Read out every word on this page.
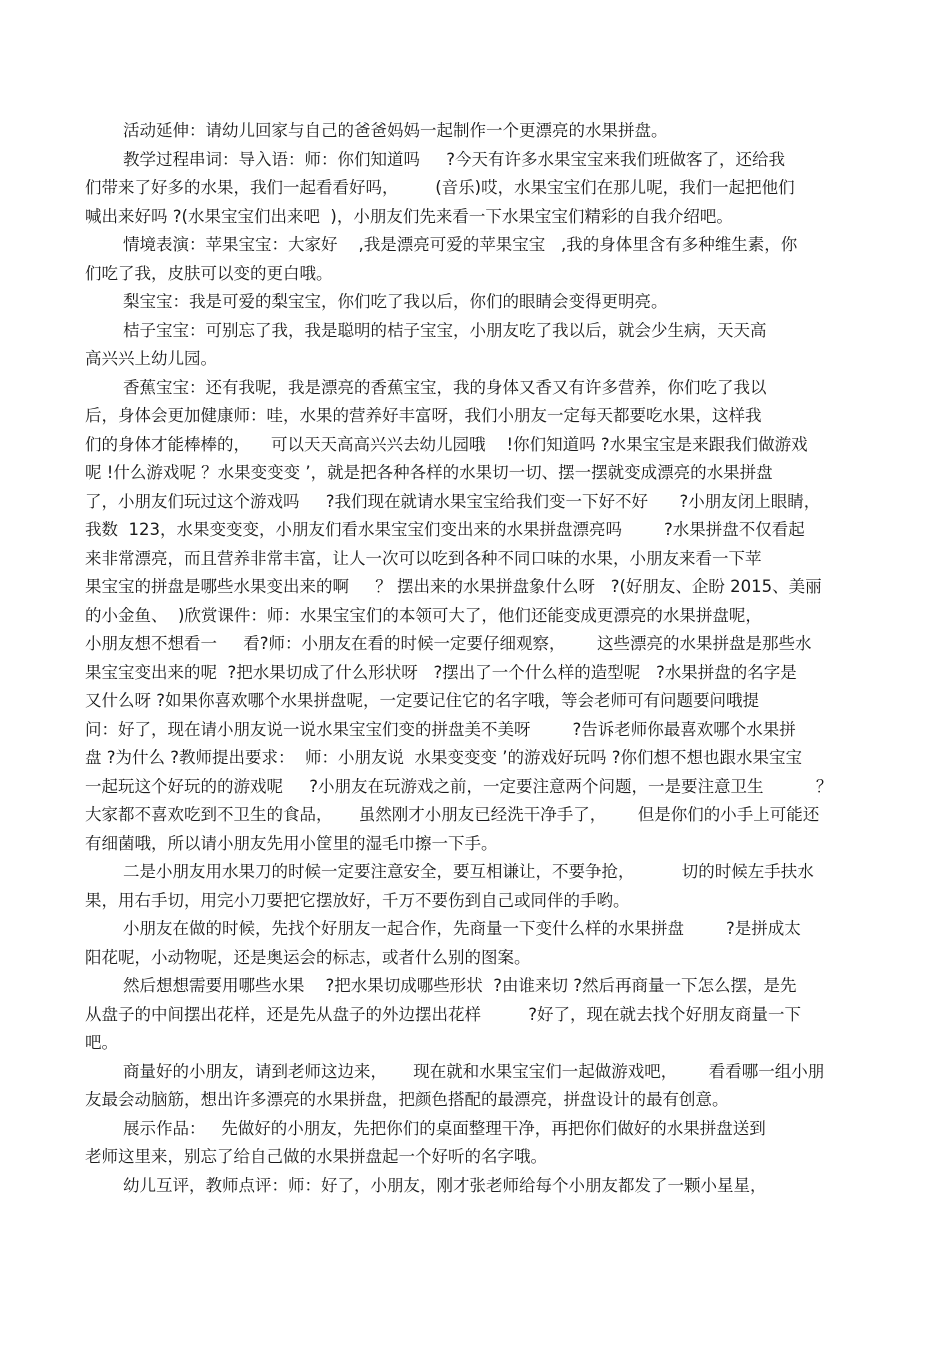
活动延伸：请幼儿回家与自己的爸爸妈妈一起制作一个更漂亮的水果拼盘。
教学过程串词：导入语：师：你们知道吗     ?今天有许多水果宝宝来我们班做客了，还给我
们带来了好多的水果，我们一起看看好吗，       (音乐)哎，水果宝宝们在那儿呢，我们一起把他们
喊出来好吗 ?(水果宝宝们出来吧  )，小朋友们先来看一下水果宝宝们精彩的自我介绍吧。
情境表演：苹果宝宝：大家好    ,我是漂亮可爱的苹果宝宝   ,我的身体里含有多种维生素，你
们吃了我，皮肤可以变的更白哦。
梨宝宝：我是可爱的梨宝宝，你们吃了我以后，你们的眼睛会变得更明亮。
桔子宝宝：可别忘了我，我是聪明的桔子宝宝，小朋友吃了我以后，就会少生病，天天高
高兴兴上幼儿园。
香蕉宝宝：还有我呢，我是漂亮的香蕉宝宝，我的身体又香又有许多营养，你们吃了我以
后，身体会更加健康师：哇，水果的营养好丰富呀，我们小朋友一定每天都要吃水果，这样我
们的身体才能棒棒的，    可以天天高高兴兴去幼儿园哦    !你们知道吗 ?水果宝宝是来跟我们做游戏
呢 !什么游戏呢 ？水果变变变 ’，就是把各种各样的水果切一切、摆一摆就变成漂亮的水果拼盘
了，小朋友们玩过这个游戏吗     ?我们现在就请水果宝宝给我们变一下好不好      ?小朋友闭上眼睛，
我数  123，水果变变变，小朋友们看水果宝宝们变出来的水果拼盘漂亮吗        ?水果拼盘不仅看起
来非常漂亮，而且营养非常丰富，让人一次可以吃到各种不同口味的水果，小朋友来看一下苹
果宝宝的拼盘是哪些水果变出来的啊     ？ 摆出来的水果拼盘象什么呀   ?(好朋友、企盼 2015、美丽
的小金鱼、  )欣赏课件：师：水果宝宝们的本领可大了，他们还能变成更漂亮的水果拼盘呢，
小朋友想不想看一     看?师：小朋友在看的时候一定要仔细观察，      这些漂亮的水果拼盘是那些水
果宝宝变出来的呢  ?把水果切成了什么形状呀   ?摆出了一个什么样的造型呢   ?水果拼盘的名字是
又什么呀 ?如果你喜欢哪个水果拼盘呢，一定要记住它的名字哦，等会老师可有问题要问哦提
问：好了，现在请小朋友说一说水果宝宝们变的拼盘美不美呀        ?告诉老师你最喜欢哪个水果拼
盘 ?为什么 ?教师提出要求：  师：小朋友说  水果变变变 ’的游戏好玩吗 ?你们想不想也跟水果宝宝
一起玩这个好玩的的游戏呢     ?小朋友在玩游戏之前，一定要注意两个问题，一是要注意卫生          ？
大家都不喜欢吃到不卫生的食品，     虽然刚才小朋友已经洗干净手了，      但是你们的小手上可能还
有细菌哦，所以请小朋友先用小筐里的湿毛巾擦一下手。
二是小朋友用水果刀的时候一定要注意安全，要互相谦让，不要争抢，         切的时候左手扶水
果，用右手切，用完小刀要把它摆放好，千万不要伤到自己或同伴的手哟。
小朋友在做的时候，先找个好朋友一起合作，先商量一下变什么样的水果拼盘        ?是拼成太
阳花呢，小动物呢，还是奥运会的标志，或者什么别的图案。
然后想想需要用哪些水果    ?把水果切成哪些形状  ?由谁来切 ?然后再商量一下怎么摆，是先
从盘子的中间摆出花样，还是先从盘子的外边摆出花样         ?好了，现在就去找个好朋友商量一下
吧。
商量好的小朋友，请到老师这边来，     现在就和水果宝宝们一起做游戏吧，      看看哪一组小朋
友最会动脑筋，想出许多漂亮的水果拼盘，把颜色搭配的最漂亮，拼盘设计的最有创意。
展示作品：   先做好的小朋友，先把你们的桌面整理干净，再把你们做好的水果拼盘送到
老师这里来，别忘了给自己做的水果拼盘起一个好听的名字哦。
幼儿互评，教师点评：师：好了，小朋友，刚才张老师给每个小朋友都发了一颗小星星，
